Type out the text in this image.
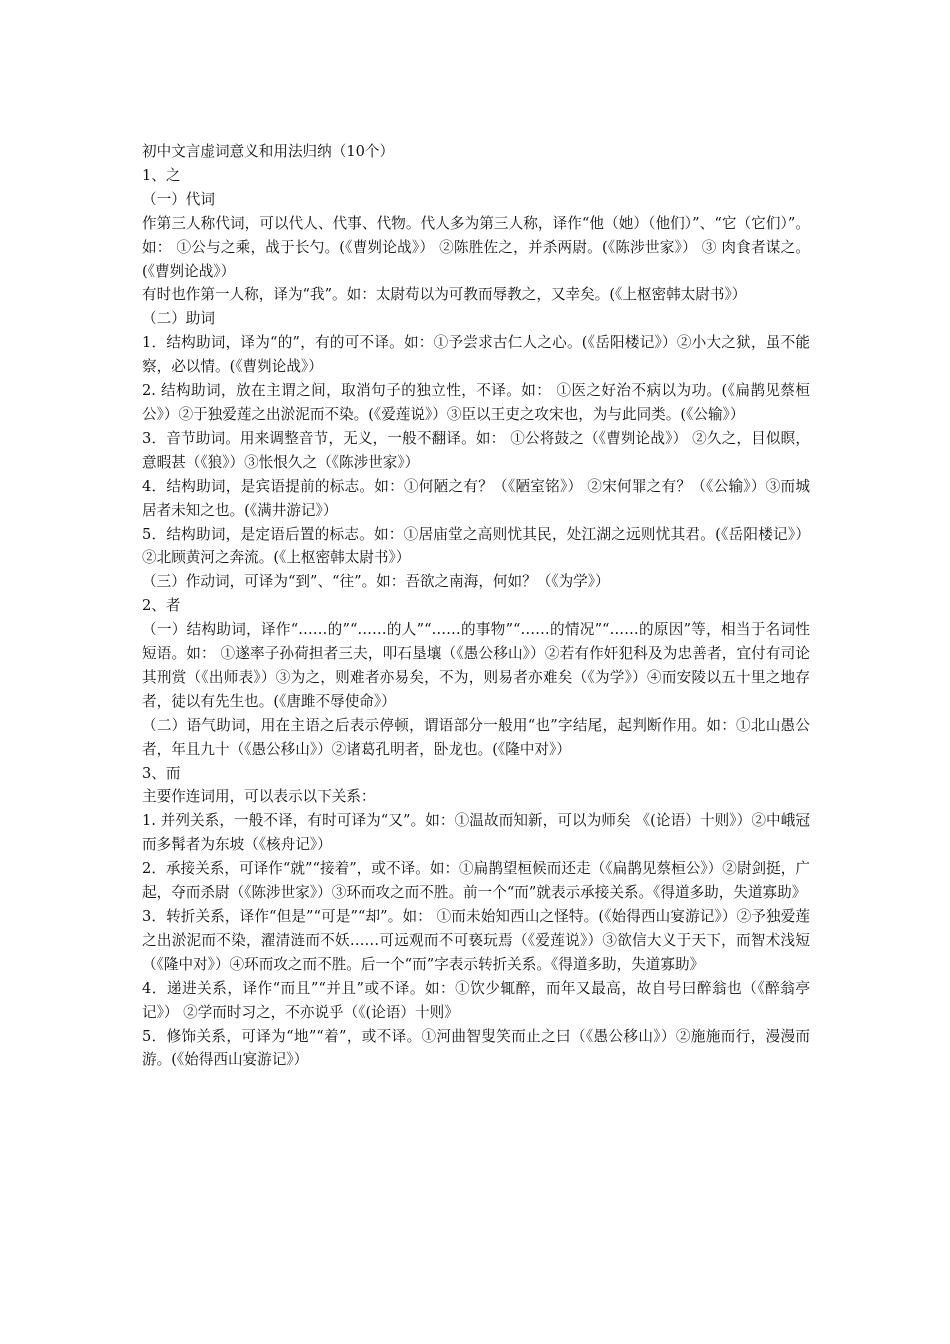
初中文言虚词意义和用法归纳（10个）

1、之

（一）代词

作第三人称代词，可以代人、代事、代物。代人多为第三人称，译作“他（她）（他们）”、“它（它们）”。如： ①公与之乘，战于长勺。(《曹刿论战》） ②陈胜佐之，并杀两尉。(《陈涉世家》） ③ 肉食者谋之。(《曹刿论战》）

有时也作第一人称，译为“我”。如：太尉苟以为可教而辱教之，又幸矣。(《上枢密韩太尉书》）

（二）助词

1．结构助词，译为“的”，有的可不译。如：①予尝求古仁人之心。(《岳阳楼记》）②小大之狱，虽不能察，必以情。(《曹刿论战》）

2. 结构助词，放在主谓之间，取消句子的独立性，不译。如： ①医之好治不病以为功。(《扁鹊见蔡桓公》）②于独爱莲之出淤泥而不染。(《爱莲说》）③臣以王吏之攻宋也，为与此同类。(《公输》）

3．音节助词。用来调整音节，无义，一般不翻译。如： ①公将鼓之（《曹刿论战》） ②久之，目似瞑，意暇甚（《狼》）③怅恨久之（《陈涉世家》）

4．结构助词，是宾语提前的标志。如：①何陋之有？（《陋室铭》） ②宋何罪之有？（《公输》）③而城居者未知之也。(《满井游记》）

5．结构助词，是定语后置的标志。如：①居庙堂之高则忧其民，处江湖之远则忧其君。(《岳阳楼记》） ②北顾黄河之奔流。(《上枢密韩太尉书》）

（三）作动词，可译为“到”、“往”。如：吾欲之南海，何如？（《为学》）

2、者

（一）结构助词，译作“……的”“……的人”“……的事物”“……的情况”“……的原因”等，相当于名词性短语。如： ①遂率子孙荷担者三夫，叩石垦壤（《愚公移山》）②若有作奸犯科及为忠善者，宜付有司论其刑赏（《出师表》）③为之，则难者亦易矣，不为，则易者亦难矣（《为学》）④而安陵以五十里之地存者，徒以有先生也。(《唐雎不辱使命》）

（二）语气助词，用在主语之后表示停顿，谓语部分一般用“也”字结尾，起判断作用。如：①北山愚公者，年且九十（《愚公移山》）②诸葛孔明者，卧龙也。(《隆中对》）

3、而

主要作连词用，可以表示以下关系：

1. 并列关系，一般不译，有时可译为“又”。如：①温故而知新，可以为师矣 《(论语）十则》）②中峨冠而多髯者为东坡（《核舟记》）

2．承接关系，可译作“就”“接着”，或不译。如：①扁鹊望桓候而还走（《扁鹊见蔡桓公》）②尉剑挺，广起，夺而杀尉（《陈涉世家》）③环而攻之而不胜。前一个“而”就表示承接关系。《得道多助，失道寡助》

3．转折关系，译作“但是”“可是”“却”。如： ①而未始知西山之怪特。(《始得西山宴游记》）②予独爱莲之出淤泥而不染，濯清涟而不妖……可远观而不可亵玩焉（《爱莲说》）③欲信大义于天下，而智术浅短（《隆中对》）④环而攻之而不胜。后一个“而”字表示转折关系。《得道多助，失道寡助》

4．递进关系，译作“而且”“并且”或不译。如：①饮少辄醉，而年又最高，故自号曰醉翁也（《醉翁亭记》） ②学而时习之，不亦说乎（《(论语）十则》

5．修饰关系，可译为“地”“着”，或不译。①河曲智叟笑而止之曰（《愚公移山》）②施施而行，漫漫而游。(《始得西山宴游记》）
